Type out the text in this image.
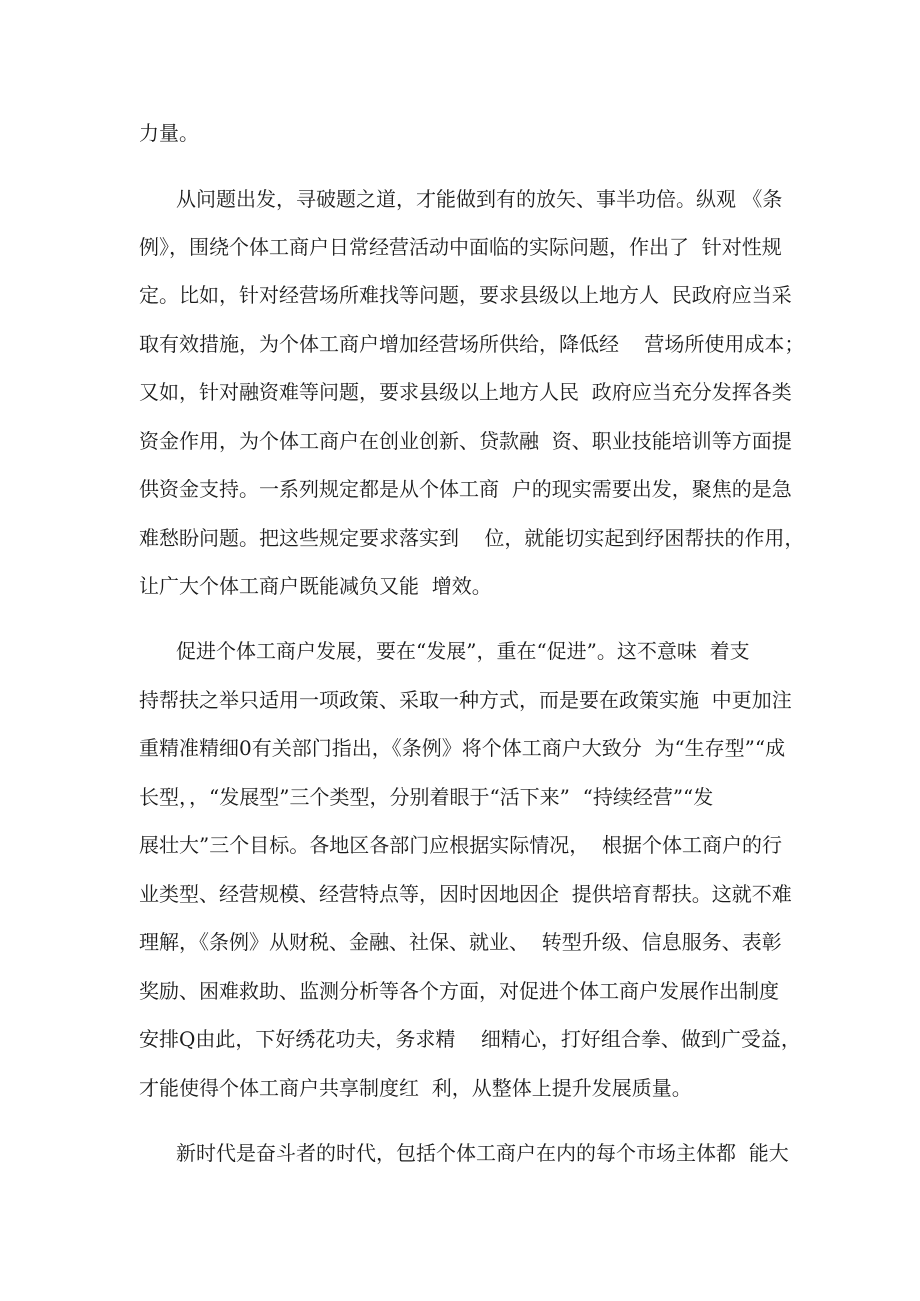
力量。
从问题出发，寻破题之道，才能做到有的放矢、事半功倍。纵观 《条
例》，围绕个体工商户日常经营活动中面临的实际问题，作出了  针对性规
定。比如，针对经营场所难找等问题，要求县级以上地方人  民政府应当采
取有效措施，为个体工商户增加经营场所供给，降低经    营场所使用成本；
又如，针对融资难等问题，要求县级以上地方人民  政府应当充分发挥各类
资金作用，为个体工商户在创业创新、贷款融  资、职业技能培训等方面提
供资金支持。一系列规定都是从个体工商  户的现实需要出发，聚焦的是急
难愁盼问题。把这些规定要求落实到    位，就能切实起到纾困帮扶的作用，
让广大个体工商户既能减负又能  增效。
促进个体工商户发展，要在“发展”，重在“促进”。这不意味  着支
持帮扶之举只适用一项政策、采取一种方式，而是要在政策实施  中更加注
重精准精细0有关部门指出，《条例》将个体工商户大致分  为“生存型”“成
长型，，“发展型”三个类型，分别着眼于“活下来”  “持续经营”“发
展壮大”三个目标。各地区各部门应根据实际情况，  根据个体工商户的行
业类型、经营规模、经营特点等，因时因地因企  提供培育帮扶。这就不难
理解，《条例》从财税、金融、社保、就业、  转型升级、信息服务、表彰
奖励、困难救助、监测分析等各个方面，对促进个体工商户发展作出制度
安排Q由此，下好绣花功夫，务求精    细精心，打好组合拳、做到广受益，
才能使得个体工商户共享制度红  利，从整体上提升发展质量。
新时代是奋斗者的时代，包括个体工商户在内的每个市场主体都  能大
